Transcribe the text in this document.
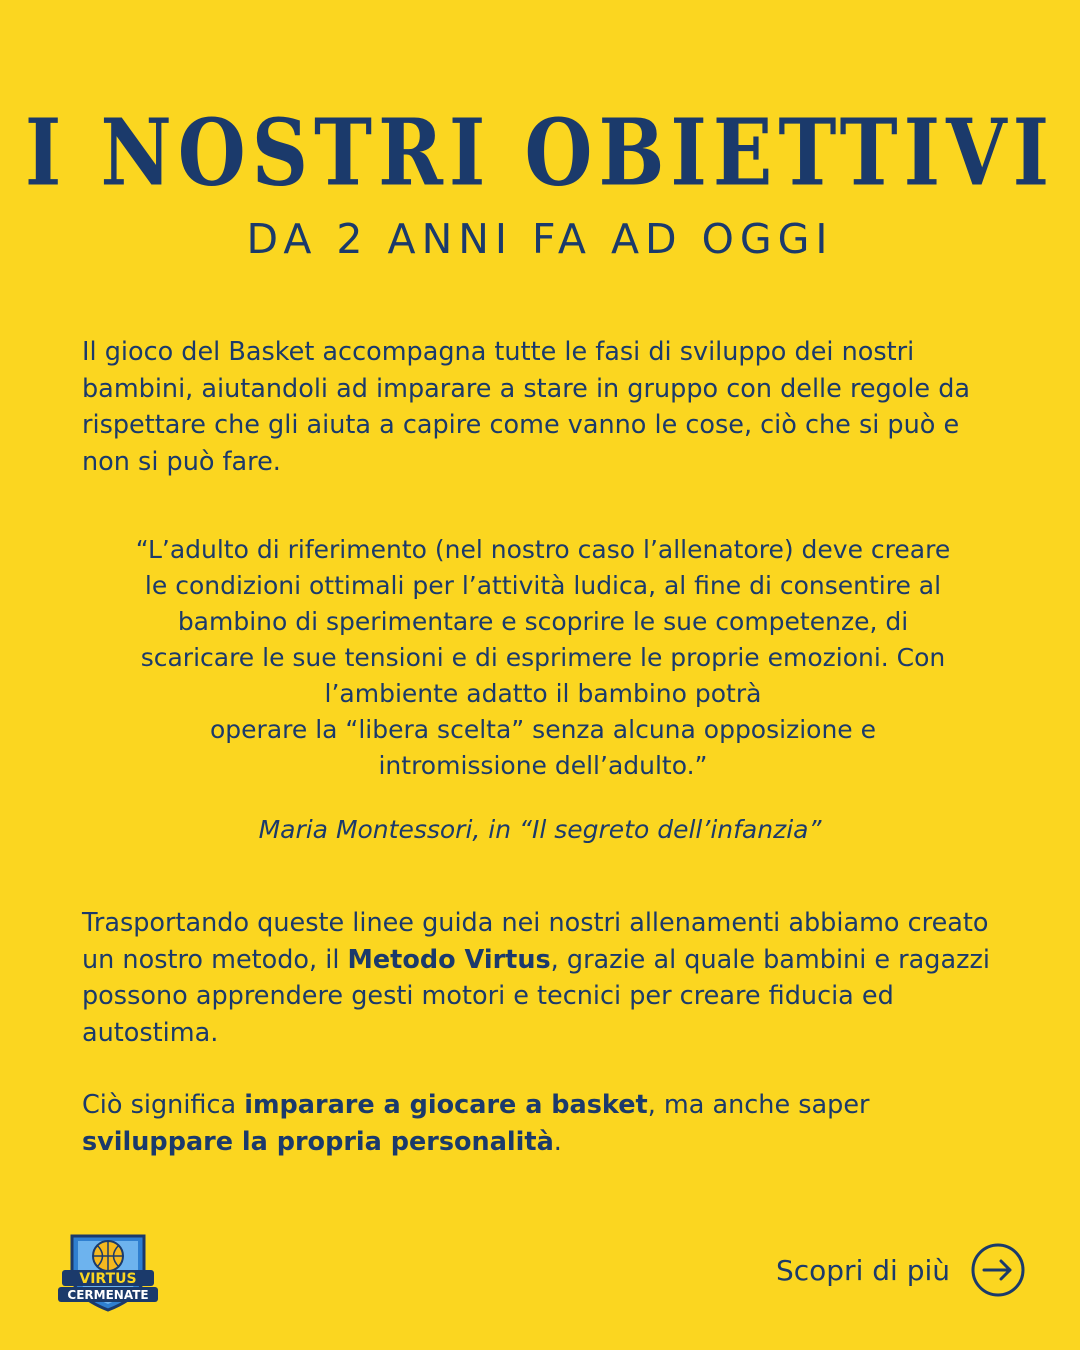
I NOSTRI OBIETTIVI
DA 2 ANNI FA AD OGGI

Il gioco del Basket accompagna tutte le fasi di sviluppo dei nostri bambini, aiutandoli ad imparare a stare in gruppo con delle regole da rispettare che gli aiuta a capire come vanno le cose, ciò che si può e non si può fare.

“L’adulto di riferimento (nel nostro caso l’allenatore) deve creare
le condizioni ottimali per l’attività ludica, al fine di consentire al
bambino di sperimentare e scoprire le sue competenze, di
scaricare le sue tensioni e di esprimere le proprie emozioni. Con
l’ambiente adatto il bambino potrà
operare la “libera scelta” senza alcuna opposizione e
intromissione dell’adulto.”
Maria Montessori, in “Il segreto dell’infanzia”

Trasportando queste linee guida nei nostri allenamenti abbiamo creato un nostro metodo, il Metodo Virtus, grazie al quale bambini e ragazzi possono apprendere gesti motori e tecnici per creare fiducia ed autostima.

Ciò significa imparare a giocare a basket, ma anche saper sviluppare la propria personalità.

VIRTUS
CERMENATE
Scopri di più
